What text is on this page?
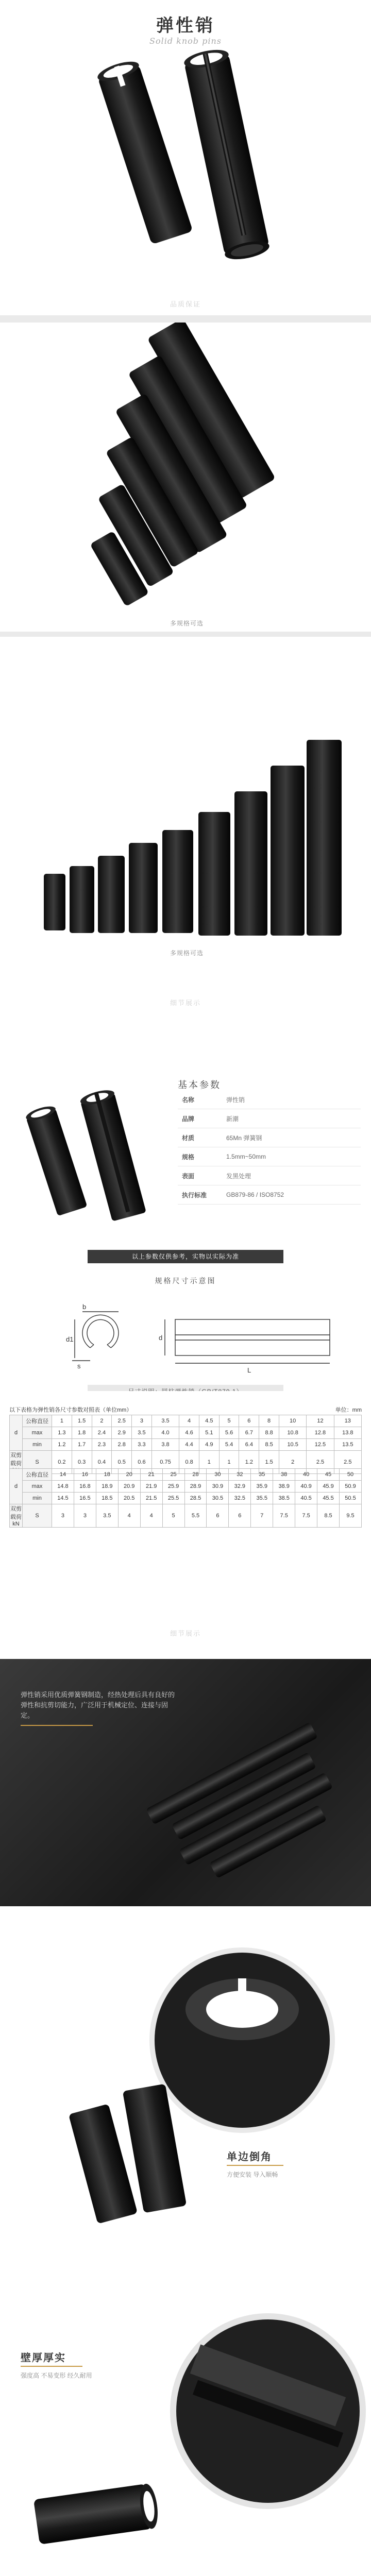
弹性销
Solid knob pins
品质保证
多规格可选
多规格可选
细节展示
基本参数
名称	弹性销
品牌	新潮
材质	65Mn 弹簧钢
规格	1.5mm~50mm
表面	发黑处理
执行标准	GB879-86 / ISO8752
以上参数仅供参考，实物以实际为准
规格尺寸示意图
b
d1
s
L
d
以下表格为弹性销各尺寸参数对照表（单位mm）	单位：mm
d	公称直径	1	1.5	2	2.5	3	3.5	4	4.5	5	6	8	10	12	13
	max	1.3	1.8	2.4	2.9	3.5	4.0	4.6	5.1	5.6	6.7	8.8	10.8	12.8	13.8
	min	1.2	1.7	2.3	2.8	3.3	3.8	4.4	4.9	5.4	6.4	8.5	10.5	12.5	13.5
双剪载荷	S	0.2	0.3	0.4	0.5	0.6	0.75	0.8	1	1	1.2	1.5	2	2.5	2.5
d	公称直径	14	16	18	20	21	25	28	30	32	35	38	40	45	50
	max	14.8	16.8	18.9	20.9	21.9	25.9	28.9	30.9	32.9	35.9	38.9	40.9	45.9	50.9
	min	14.5	16.5	18.5	20.5	21.5	25.5	28.5	30.5	32.5	35.5	38.5	40.5	45.5	50.5
双剪载荷 kN	S	3	3	3.5	4	4	5	5.5	6	6	7	7.5	7.5	8.5	9.5
细节展示
弹性销采用优质弹簧钢制造，经热处理后具有良好的弹性和抗剪切能力，广泛用于机械定位、连接与固定。
单边倒角
方便安装 导入顺畅
壁厚厚实
强度高 不易变形 经久耐用
